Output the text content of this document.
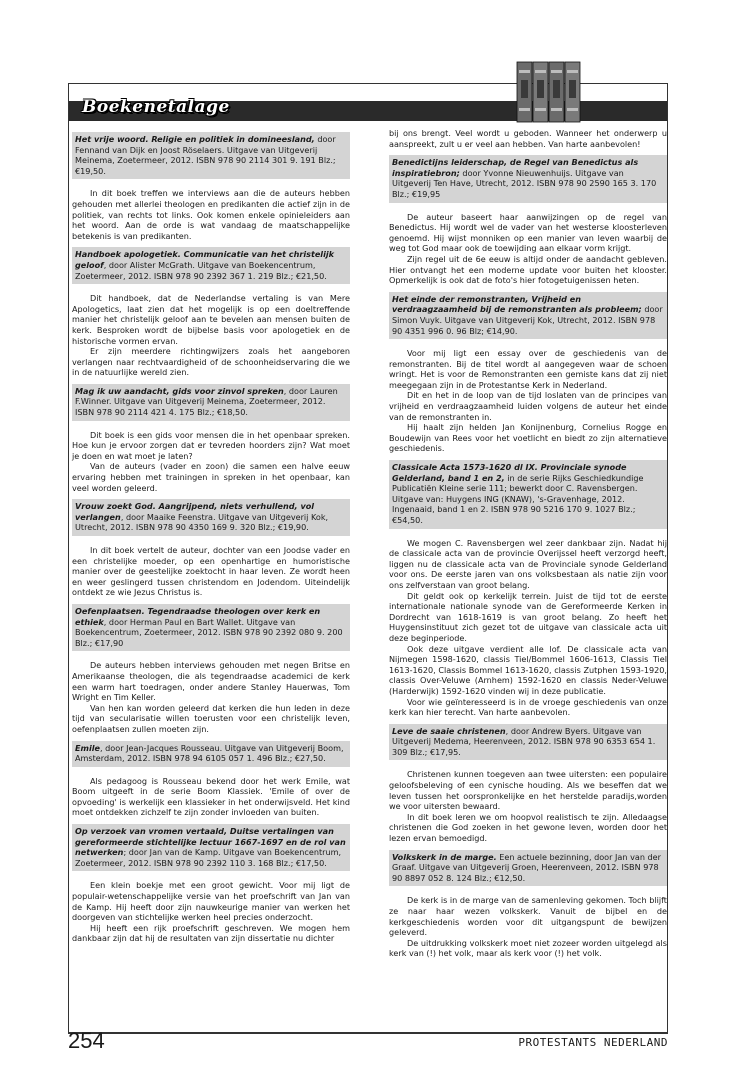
Boekenetalage
Het vrije woord. Religie en politiek in domineesland, door Fennand van Dijk en Joost Röselaers. Uitgave van Uitgeverij Meinema, Zoetermeer, 2012. ISBN 978 90 2114 301 9. 191 Blz.; €19,50.

In dit boek treffen we interviews aan die de auteurs hebben gehouden met allerlei theologen en predikanten die actief zijn in de politiek, van rechts tot links. Ook komen enkele opinieleiders aan het woord. Aan de orde is wat vandaag de maatschappelijke betekenis is van predikanten.

Handboek apologetiek. Communicatie van het christelijk geloof, door Alister McGrath. Uitgave van Boekencentrum, Zoetermeer, 2012. ISBN 978 90 2392 367 1. 219 Blz.; €21,50.

Dit handboek, dat de Nederlandse vertaling is van Mere Apologetics, laat zien dat het mogelijk is op een doeltreffende manier het christelijk geloof aan te bevelen aan mensen buiten de kerk. Besproken wordt de bijbelse basis voor apologetiek en de historische vormen ervan.

Er zijn meerdere richtingwijzers zoals het aangeboren verlangen naar rechtvaardigheid of de schoonheidservaring die we in de natuurlijke wereld zien.

Mag ik uw aandacht, gids voor zinvol spreken, door Lauren F.Winner. Uitgave van Uitgeverij Meinema, Zoetermeer, 2012. ISBN 978 90 2114 421 4. 175 Blz.; €18,50.

Dit boek is een gids voor mensen die in het openbaar spreken. Hoe kun je ervoor zorgen dat er tevreden hoorders zijn? Wat moet je doen en wat moet je laten?

Van de auteurs (vader en zoon) die samen een halve eeuw ervaring hebben met trainingen in spreken in het openbaar, kan veel worden geleerd.

Vrouw zoekt God. Aangrijpend, niets verhullend, vol verlangen, door Maaike Feenstra. Uitgave van Uitgeverij Kok, Utrecht, 2012. ISBN 978 90 4350 169 9. 320 Blz.; €19,90.

In dit boek vertelt de auteur, dochter van een Joodse vader en een christelijke moeder, op een openhartige en humoristische manier over de geestelijke zoektocht in haar leven. Ze wordt heen en weer geslingerd tussen christendom en Jodendom. Uiteindelijk ontdekt ze wie Jezus Christus is.

Oefenplaatsen. Tegendraadse theologen over kerk en ethiek, door Herman Paul en Bart Wallet. Uitgave van Boekencentrum, Zoetermeer, 2012. ISBN 978 90 2392 080 9. 200 Blz.; €17,90

De auteurs hebben interviews gehouden met negen Britse en Amerikaanse theologen, die als tegendraadse academici de kerk een warm hart toedragen, onder andere Stanley Hauerwas, Tom Wright en Tim Keller.

Van hen kan worden geleerd dat kerken die hun leden in deze tijd van secularisatie willen toerusten voor een christelijk leven, oefenplaatsen zullen moeten zijn.

Emile, door Jean-Jacques Rousseau. Uitgave van Uitgeverij Boom, Amsterdam, 2012. ISBN 978 94 6105 057 1. 496 Blz.; €27,50.

Als pedagoog is Rousseau bekend door het werk Emile, wat Boom uitgeeft in de serie Boom Klassiek. 'Emile of over de opvoeding' is werkelijk een klassieker in het onderwijsveld. Het kind moet ontdekken zichzelf te zijn zonder invloeden van buiten.

Op verzoek van vromen vertaald, Duitse vertalingen van gereformeerde stichtelijke lectuur 1667-1697 en de rol van netwerken; door Jan van de Kamp. Uitgave van Boekencentrum, Zoetermeer, 2012. ISBN 978 90 2392 110 3. 168 Blz.; €17,50.

Een klein boekje met een groot gewicht. Voor mij ligt de populair-wetenschappelijke versie van het proefschrift van Jan van de Kamp. Hij heeft door zijn nauwkeurige manier van werken het doorgeven van stichtelijke werken heel precies onderzocht.

Hij heeft een rijk proefschrift geschreven. We mogen hem dankbaar zijn dat hij de resultaten van zijn dissertatie nu dichter

bij ons brengt. Veel wordt u geboden. Wanneer het onderwerp u aanspreekt, zult u er veel aan hebben. Van harte aanbevolen!

Benedictijns leiderschap, de Regel van Benedictus als inspiratiebron; door Yvonne Nieuwenhuijs. Uitgave van Uitgeverij Ten Have, Utrecht, 2012. ISBN 978 90 2590 165 3. 170 Blz.; €19,95

De auteur baseert haar aanwijzingen op de regel van Benedictus. Hij wordt wel de vader van het westerse kloosterleven genoemd. Hij wijst monniken op een manier van leven waarbij de weg tot God maar ook de toewijding aan elkaar vorm krijgt.

Zijn regel uit de 6e eeuw is altijd onder de aandacht gebleven. Hier ontvangt het een moderne update voor buiten het klooster. Opmerkelijk is ook dat de foto's hier fotogetuigenissen heten.

Het einde der remonstranten, Vrijheid en verdraagzaamheid bij de remonstranten als probleem; door Simon Vuyk. Uitgave van Uitgeverij Kok, Utrecht, 2012. ISBN 978 90 4351 996 0. 96 Blz; €14,90.

Voor mij ligt een essay over de geschiedenis van de remonstranten. Bij de titel wordt al aangegeven waar de schoen wringt. Het is voor de Remonstranten een gemiste kans dat zij niet meegegaan zijn in de Protestantse Kerk in Nederland.

Dit en het in de loop van de tijd loslaten van de principes van vrijheid en verdraagzaamheid luiden volgens de auteur het einde van de remonstranten in.

Hij haalt zijn helden Jan Konijnenburg, Cornelius Rogge en Boudewijn van Rees voor het voetlicht en biedt zo zijn alternatieve geschiedenis.

Classicale Acta 1573-1620 dl IX. Provinciale synode Gelderland, band 1 en 2, in de serie Rijks Geschiedkundige Publicatiën Kleine serie 111; bewerkt door C. Ravensbergen. Uitgave van: Huygens ING (KNAW), 's-Gravenhage, 2012. Ingenaaid, band 1 en 2. ISBN 978 90 5216 170 9. 1027 Blz.; €54,50.

We mogen C. Ravensbergen wel zeer dankbaar zijn. Nadat hij de classicale acta van de provincie Overijssel heeft verzorgd heeft, liggen nu de classicale acta van de Provinciale synode Gelderland voor ons. De eerste jaren van ons volksbestaan als natie zijn voor ons zelfverstaan van groot belang.

Dit geldt ook op kerkelijk terrein. Juist de tijd tot de eerste internationale nationale synode van de Gereformeerde Kerken in Dordrecht van 1618-1619 is van groot belang. Zo heeft het Huygensinstituut zich gezet tot de uitgave van classicale acta uit deze beginperiode.

Ook deze uitgave verdient alle lof. De classicale acta van Nijmegen 1598-1620, classis Tiel/Bommel 1606-1613, Classis Tiel 1613-1620, Classis Bommel 1613-1620, classis Zutphen 1593-1920, classis Over-Veluwe (Arnhem) 1592-1620 en classis Neder-Veluwe (Harderwijk) 1592-1620 vinden wij in deze publicatie.

Voor wie geïnteresseerd is in de vroege geschiedenis van onze kerk kan hier terecht. Van harte aanbevolen.

Leve de saaie christenen, door Andrew Byers. Uitgave van Uitgeverij Medema, Heerenveen, 2012. ISBN 978 90 6353 654 1. 309 Blz.; €17,95.

Christenen kunnen toegeven aan twee uitersten: een populaire geloofsbeleving of een cynische houding. Als we beseffen dat we leven tussen het oorspronkelijke en het herstelde paradijs,worden we voor uitersten bewaard.

In dit boek leren we om hoopvol realistisch te zijn. Alledaagse christenen die God zoeken in het gewone leven, worden door het lezen ervan bemoedigd.

Volkskerk in de marge. Een actuele bezinning, door Jan van der Graaf. Uitgave van Uitgeverij Groen, Heerenveen, 2012. ISBN 978 90 8897 052 8. 124 Blz.; €12,50.

De kerk is in de marge van de samenleving gekomen. Toch blijft ze naar haar wezen volkskerk. Vanuit de bijbel en de kerkgeschiedenis worden voor dit uitgangspunt de bewijzen geleverd.

De uitdrukking volkskerk moet niet zozeer worden uitgelegd als kerk van (!) het volk, maar als kerk voor (!) het volk.

254	PROTESTANTS NEDERLAND
